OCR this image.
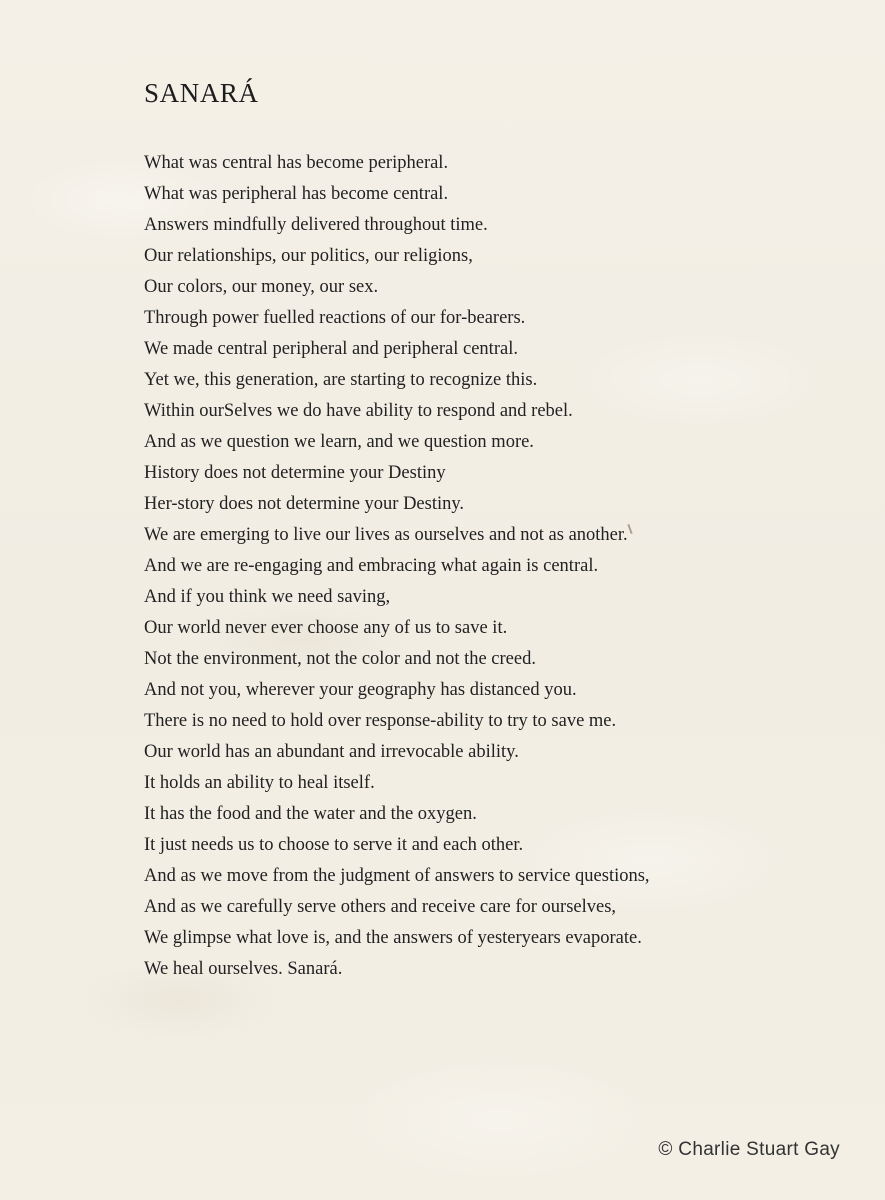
SANARÁ
What was central has become peripheral.
What was peripheral has become central.
Answers mindfully delivered throughout time.
Our relationships, our politics, our religions,
Our colors, our money, our sex.
Through power fuelled reactions of our for-bearers.
We made central peripheral and peripheral central.
Yet we, this generation, are starting to recognize this.
Within ourSelves we do have ability to respond and rebel.
And as we question we learn, and we question more.
History does not determine your Destiny
Her-story does not determine your Destiny.
We are emerging to live our lives as ourselves and not as another.
And we are re-engaging and embracing what again is central.
And if you think we need saving,
Our world never ever choose any of us to save it.
Not the environment, not the color and not the creed.
And not you, wherever your geography has distanced you.
There is no need to hold over response-ability to try to save me.
Our world has an abundant and irrevocable ability.
It holds an ability to heal itself.
It has the food and the water and the oxygen.
It just needs us to choose to serve it and each other.
And as we move from the judgment of answers to service questions,
And as we carefully serve others and receive care for ourselves,
We glimpse what love is, and the answers of yesteryears evaporate.
We heal ourselves. Sanará.
© Charlie Stuart Gay
